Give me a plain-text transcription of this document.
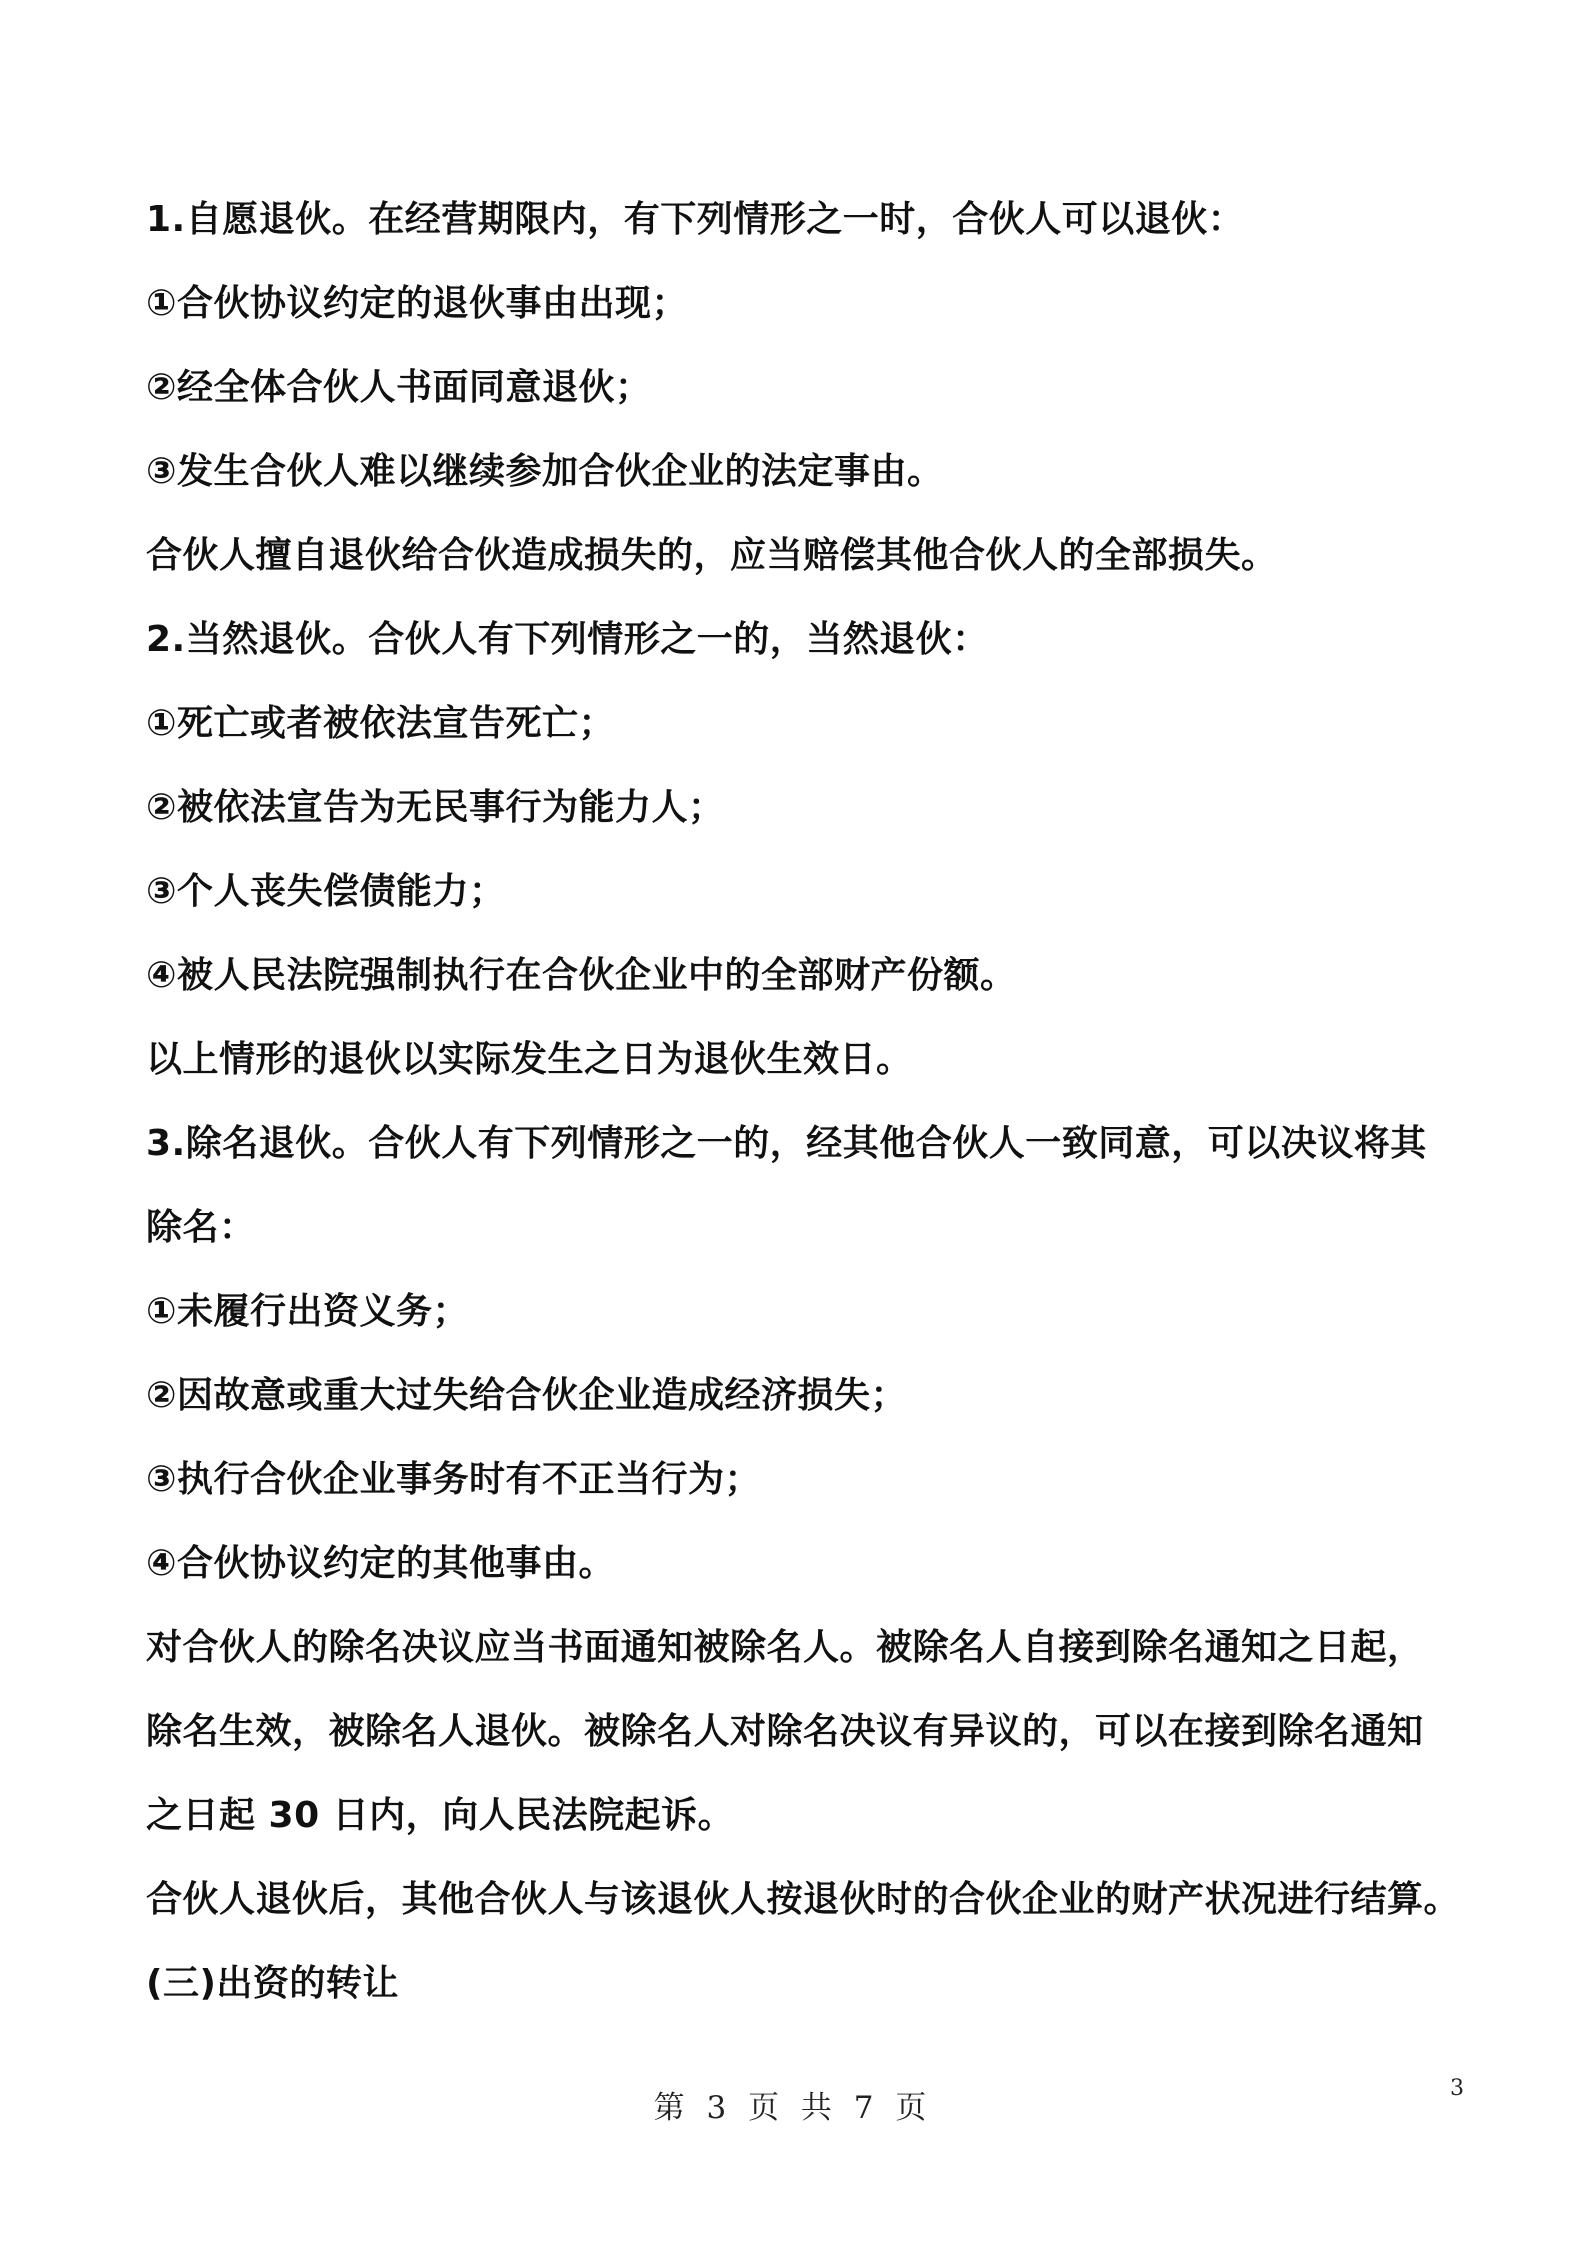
1.自愿退伙。在经营期限内，有下列情形之一时，合伙人可以退伙：
①合伙协议约定的退伙事由出现；
②经全体合伙人书面同意退伙；
③发生合伙人难以继续参加合伙企业的法定事由。
合伙人擅自退伙给合伙造成损失的，应当赔偿其他合伙人的全部损失。
2.当然退伙。合伙人有下列情形之一的，当然退伙：
①死亡或者被依法宣告死亡；
②被依法宣告为无民事行为能力人；
③个人丧失偿债能力；
④被人民法院强制执行在合伙企业中的全部财产份额。
以上情形的退伙以实际发生之日为退伙生效日。
3.除名退伙。合伙人有下列情形之一的，经其他合伙人一致同意，可以决议将其
除名：
①未履行出资义务；
②因故意或重大过失给合伙企业造成经济损失；
③执行合伙企业事务时有不正当行为；
④合伙协议约定的其他事由。
对合伙人的除名决议应当书面通知被除名人。被除名人自接到除名通知之日起，
除名生效，被除名人退伙。被除名人对除名决议有异议的，可以在接到除名通知
之日起 30 日内，向人民法院起诉。
合伙人退伙后，其他合伙人与该退伙人按退伙时的合伙企业的财产状况进行结算。
(三)出资的转让
第 3 页 共 7 页
3
